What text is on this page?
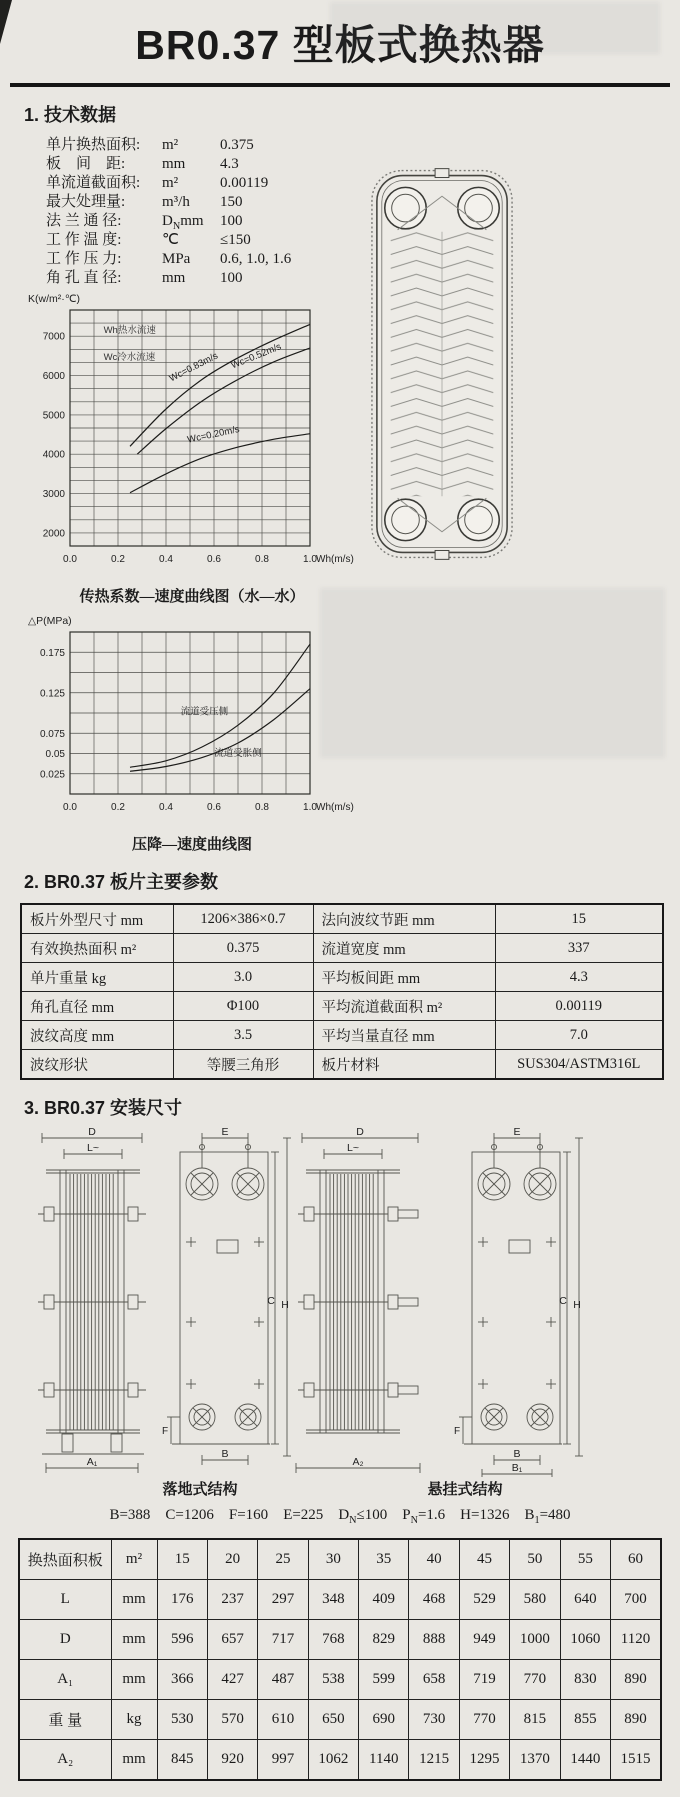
BR0.37 型板式换热器
1. 技术数据
单片换热面积:	m²	0.375
板　间　距:	mm	4.3
单流道截面积:	m²	0.00119
最大处理量:	m³/h	150
法 兰 通 径:	$D_Nmm$	100
工 作 温 度:	℃	≤150
工 作 压 力:	MPa	0.6, 1.0, 1.6
角 孔 直 径:	mm	100
2000
3000
4000
5000
6000
7000
0.0	0.2	0.4	0.6	0.8	1.0 Wh(m/s)
K(w/m²·℃)
Wh热水流速
Wc冷水流速 Wc=0.83m/s Wc=0.52m/s
Wc=0.20m/s
传热系数—速度曲线图（水—水）
0.175
0.125
0.075
0.05
0.025
0.0	0.2	0.4	0.6	0.8	1.0 Wh(m/s)
△P(MPa)
流道受压侧
流道受胀侧
压降—速度曲线图
2. BR0.37 板片主要参数
板片外型尺寸 mm	1206×386×0.7	法向波纹节距 mm	15
有效换热面积 m²	0.375	流道宽度 mm	337
单片重量 kg	3.0	平均板间距 mm	4.3
角孔直径 mm	Φ100	平均流道截面积 m²	0.00119
波纹高度 mm	3.5	平均当量直径 mm	7.0
波纹形状	等腰三角形	板片材料	SUS304/ASTM316L
3. BR0.37 安装尺寸
D
L~
A₁
E
F
C H
B
D
L~
A₂
E
F
C H
B
B₁
落地式结构	悬挂式结构
B=388 C=1206 F=160 E=225 $D_N\le 100$ $P_N=1.6$ H=1326 $B_1=480$
换热面积板	m²	15	20	25	30	35	40	45	50	55	60
L	mm	176	237	297	348	409	468	529	580	640	700
D	mm	596	657	717	768	829	888	949	1000	1060	1120
A₁	mm	366	427	487	538	599	658	719	770	830	890
重 量	kg	530	570	610	650	690	730	770	815	855	890
A₂	mm	845	920	997	1062	1140	1215	1295	1370	1440	1515
